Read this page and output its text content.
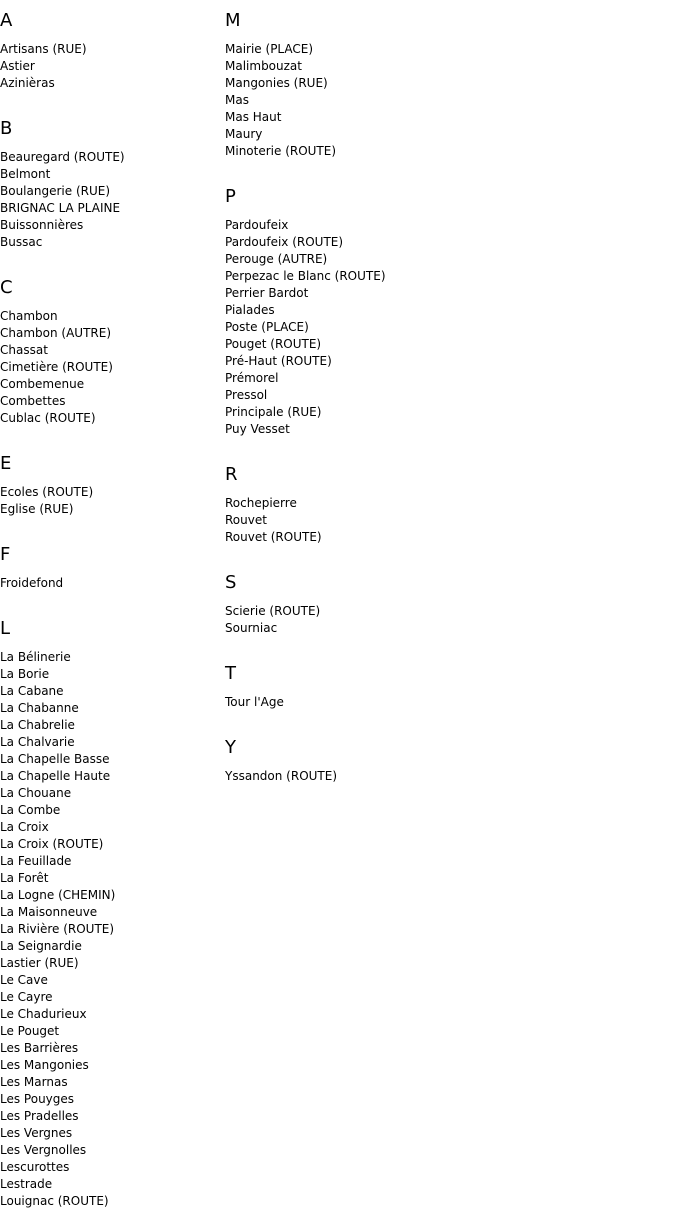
A
Artisans (RUE)
Astier
Azinièras
B
Beauregard (ROUTE)
Belmont
Boulangerie (RUE)
BRIGNAC LA PLAINE
Buissonnières
Bussac
C
Chambon
Chambon (AUTRE)
Chassat
Cimetière (ROUTE)
Combemenue
Combettes
Cublac (ROUTE)
E
Ecoles (ROUTE)
Eglise (RUE)
F
Froidefond
L
La Bélinerie
La Borie
La Cabane
La Chabanne
La Chabrelie
La Chalvarie
La Chapelle Basse
La Chapelle Haute
La Chouane
La Combe
La Croix
La Croix (ROUTE)
La Feuillade
La Forêt
La Logne (CHEMIN)
La Maisonneuve
La Rivière (ROUTE)
La Seignardie
Lastier (RUE)
Le Cave
Le Cayre
Le Chadurieux
Le Pouget
Les Barrières
Les Mangonies
Les Marnas
Les Pouyges
Les Pradelles
Les Vergnes
Les Vergnolles
Lescurottes
Lestrade
Louignac (ROUTE)
M
Mairie (PLACE)
Malimbouzat
Mangonies (RUE)
Mas
Mas Haut
Maury
Minoterie (ROUTE)
P
Pardoufeix
Pardoufeix (ROUTE)
Perouge (AUTRE)
Perpezac le Blanc (ROUTE)
Perrier Bardot
Pialades
Poste (PLACE)
Pouget (ROUTE)
Pré-Haut (ROUTE)
Prémorel
Pressol
Principale (RUE)
Puy Vesset
R
Rochepierre
Rouvet
Rouvet (ROUTE)
S
Scierie (ROUTE)
Sourniac
T
Tour l'Age
Y
Yssandon (ROUTE)
